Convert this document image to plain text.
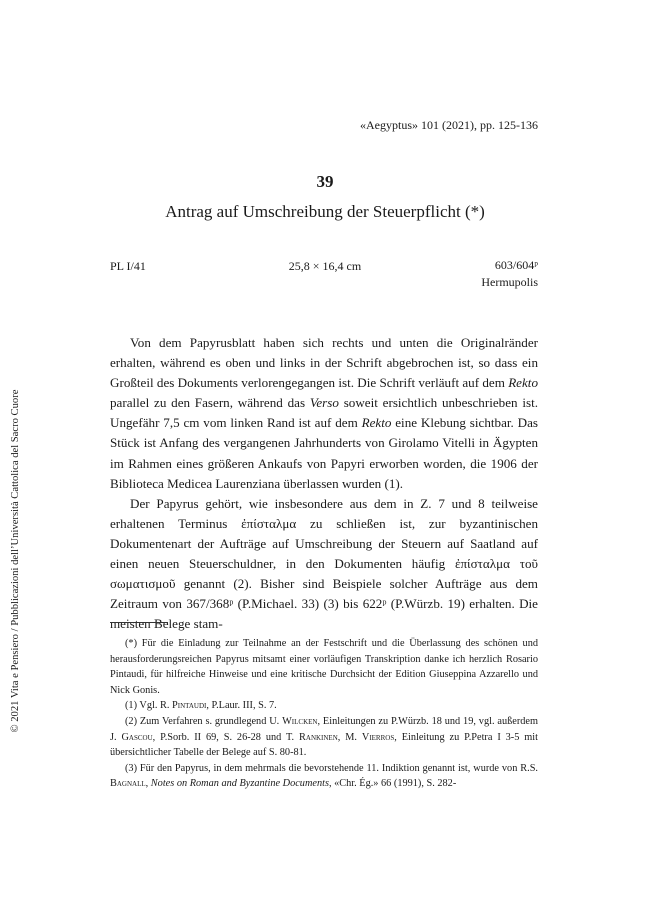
«Aegyptus» 101 (2021), pp. 125-136
39
Antrag auf Umschreibung der Steuerpflicht (*)
PL I/41	25,8 × 16,4 cm	603/604ᵖ
Hermupolis

Von dem Papyrusblatt haben sich rechts und unten die Originalränder erhalten, während es oben und links in der Schrift abgebrochen ist, so dass ein Großteil des Dokuments verlorengegangen ist. Die Schrift verläuft auf dem Rekto parallel zu den Fasern, während das Verso soweit ersichtlich unbeschrieben ist. Ungefähr 7,5 cm vom linken Rand ist auf dem Rekto eine Klebung sichtbar. Das Stück ist Anfang des vergangenen Jahrhunderts von Girolamo Vitelli in Ägypten im Rahmen eines größeren Ankaufs von Papyri erworben worden, die 1906 der Biblioteca Medicea Laurenziana überlassen wurden (1).

Der Papyrus gehört, wie insbesondere aus dem in Z. 7 und 8 teilweise erhaltenen Terminus ἐπίσταλμα zu schließen ist, zur byzantinischen Dokumentenart der Aufträge auf Umschreibung der Steuern auf Saatland auf einen neuen Steuerschuldner, in den Dokumenten häufig ἐπίσταλμα τοῦ σωματισμοῦ genannt (2). Bisher sind Beispiele solcher Aufträge aus dem Zeitraum von 367/368ᵖ (P.Michael. 33) (3) bis 622ᵖ (P.Würzb. 19) erhalten. Die meisten Belege stam-

(*) Für die Einladung zur Teilnahme an der Festschrift und die Überlassung des schönen und herausforderungsreichen Papyrus mitsamt einer vorläufigen Transkription danke ich herzlich Rosario Pintaudi, für hilfreiche Hinweise und eine kritische Durchsicht der Edition Giuseppina Azzarello und Nick Gonis.

(1) Vgl. R. Pintaudi, P.Laur. III, S. 7.

(2) Zum Verfahren s. grundlegend U. Wilcken, Einleitungen zu P.Würzb. 18 und 19, vgl. außerdem J. Gascou, P.Sorb. II 69, S. 26-28 und T. Rankinen, M. Vierros, Einleitung zu P.Petra I 3-5 mit übersichtlicher Tabelle der Belege auf S. 80-81.

(3) Für den Papyrus, in dem mehrmals die bevorstehende 11. Indiktion genannt ist, wurde von R.S. Bagnall, Notes on Roman and Byzantine Documents, «Chr. Ég.» 66 (1991), S. 282-

© 2021 Vita e Pensiero / Pubblicazioni dell’Università Cattolica del Sacro Cuore
